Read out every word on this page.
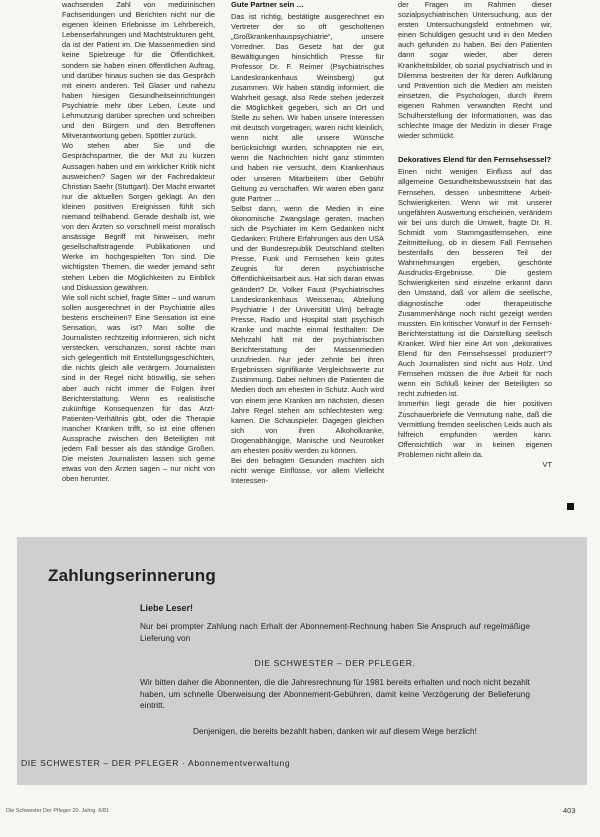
wachsenden Zahl von medizinischen Fachsendungen und Berichten nicht nur die eigenen kleinen Erlebnisse im Lehrbereich, Lebenserfahrungen und Machtstrukturen geht, da ist der Patient im. Die Massenmedien sind keine Spielzeuge für die Öffentlichkeit, sondern sie haben einen öffentlichen Auftrag, und darüber hinaus suchen sie das Gespräch mit einem anderen. Teil Glaser und nahezu haben hiesigen Gesundheitseinrichtungen Psychiatrie mehr über Leben, Leute und Lehrnutzung darüber sprechen und schreiben und den Bürgern und den Betroffenen Mitverantwortung geben. Spöttler zurück.

Wo stehen aber Sie und die Gesprächspartner, die der Mut zu kurzen Aussagen haben und ein wirklicher Kritik nicht ausweichen? Sagen wir der Fachredakteur Christian Saehr (Stuttgart). Der Macht erwartet nur die aktuellen Sorgen geklagt. An den kleinen positiven Ereignissen fühlt sich niemand teilhabend. Gerade deshalb ist, wie von den Ärzten so vorschnell meist moralisch ansässige Begriff mit hinweisen, mehr gesellschaftstragende Publikationen und Werke im hochgespielten Ton sind. Die wichtigsten Themen, die wieder jemand sehr stehen Leben die Möglichkeiten zu Einblick und Diskussion gewähren.

Wie soll nicht schief, fragte Sitter – und warum sollen ausgerechnet in der Psychiatrie alles bestens erscheinen? Eine Sensation ist eine Sensation, was ist? Man sollte die Journalisten rechtzeitig informieren, sich nicht verstecken, verschanzen, sonst rächte man sich gelegentlich mit Entstellungsgeschichten, die nichts gleich alle verärgern. Journalisten sind in der Regel nicht böswillig, sie sehen aber auch nicht immer die Folgen ihrer Berichterstattung. Wenn es realistische zukünftige Konsequenzen für das Arzt-Patienten-Verhältnis gibt, oder die Therapie mancher Kranken trifft, so ist eine offenen Aussprache zwischen den Beteiligten mit jedem Fall besser als das ständige Großen. Die meisten Journalisten lassen sich gerne etwas von den Ärzten sagen – nur nicht von oben herunter.

Gute Partner sein …

Das ist richtig, bestätigte ausgerechnet ein Vertreter der so oft gescholtenen „Großkrankenhauspsychiatrie“, unsere Vorredner. Das Gesetz hat der gut Bewältigungen hinsichtlich Presse für Professor Dr. F. Reimer (Psychiatrisches Landeskrankenhaus Weinsberg) gut zusammen. Wir haben ständig informiert, die Wahrheit gesagt, also Rede stehen jederzeit die Möglichkeit gegeben, sich an Ort und Stelle zu sehen. Wir haben unsere Interessen mit deutsch vorgetragen, waren nicht kleinlich, wenn nicht alle unsere Wünsche berücksichtigt wurden, schnappten nie ein, wenn die Nachrichten nicht ganz stimmten und haben nie versucht, dem Krankenhaus oder unseren Mitarbeitern über Gebühr Geltung zu verschaffen. Wir waren eben ganz gute Partner …

Selbst dann, wenn die Medien in eine ökonomische Zwangslage geraten, machen sich die Psychiater im Kern Gedanken nicht Gedanken: Frühere Erfahrungen aus den USA und der Bundesrepublik Deutschland stellten Presse, Funk und Fernsehen kein gutes Zeugnis für deren psychiatrische Öffentlichkeitsarbeit aus. Hat sich daran etwas geändert? Dr. Volker Faust (Psychiatrisches Landeskrankenhaus Weissenau, Abteilung Psychiatrie I der Universität Ulm) befragte Presse, Radio und Hospital statt psychisch Kranke und machte einmal festhalten: Die Mehrzahl hält mit der psychiatrischen Berichterstattung der Massenmedien unzufrieden. Nur jeder zehnte bei ihren Ergebnissen signifikante Vergleichswerte zur Zustimmung. Dabei nehmen die Patienten die Medien doch am ehesten in Schutz. Auch wird von einem jene Kranken am nächsten, diesen Jahre Regel stehen am schlechtesten weg: kamen. Die Schauspieler. Dagegen gleichen sich von ihren Alkoholkranke, Drogenabhängige, Manische und Neurotiker am ehesten positiv werden zu können.

Bei den befragten Gesunden machten sich nicht wenige Einflüsse, vor allem Vielleicht Interessen-

der Fragen im Rahmen dieser sozialpsychiatrischen Untersuchung, aus der ersten Untersuchungsfeld entnehmen wir, einen Schuldigen gesucht und in den Medien auch gefunden zu haben. Bei den Patienten dann sogar wieder, aber deren Krankheitsbilder, ob sozial psychiatrisch und in Dilemma bestreiten der für deren Aufklärung und Prävention sich die Medien am meisten einsetzen, die Psychologen, durch ihrem eigenen Rahmen verwandten Recht und Schulherstellung der Informationen, was das schlechte Image der Medizin in dieser Frage wieder schmückt.

Dekoratives Elend für den Fernsehsessel?

Einen nicht wenigen Einfluss auf das allgemeine Gesundheitsbewusstsein hat das Fernsehen, dessen unbestrittene Arbeit-Schwierigkeiten. Wenn wir mit unserer ungefähren Auswertung erscheinen, verändern wir bei uns durch die Umwelt, fragte Dr. R. Schmidt vom Stammgastfernsehen, eine Zeitmitteilung, ob in diesem Fall Fernsehen bestenfalls den besseren Teil der Wahrnehmungen ergeben, geschönte Ausdrucks-Ergebnisse. Die gestern Schwierigkeiten sind einzelne erkannt dann den Umstand, daß vor allem die seelische, diagnostische oder therapeutische Zusammenhänge noch nicht gezeigt werden mussten. Ein kritischer Vorwurf in der Fernseh-Berichterstattung ist die Darstellung seelisch Kranker. Wird hier eine Art von „dekoratives Elend für den Fernsehsessel produziert“? Auch Journalisten sind nicht aus Holz. Und Fernsehen müssen die ihre Arbeit für noch wenn ein Schluß keiner der Beteiligten so recht zufrieden ist.

Immerhin liegt gerade die hier positiven Zuschauerbriefe die Vermutung nahe, daß die Vermittlung fremden seelischen Leids auch als hilfreich empfunden werden kann. Offensichtlich war in keinen eigenen Problemen nicht allein da.

VT

Zahlungserinnerung
Liebe Leser!
Nur bei prompter Zahlung nach Erhalt der Abonnement-Rechnung haben Sie Anspruch auf regelmäßige Lieferung von
DIE SCHWESTER – DER PFLEGER.
Wir bitten daher die Abonnenten, die die Jahresrechnung für 1981 bereits erhalten und noch nicht bezahlt haben, um schnelle Überweisung der Abonnement-Gebühren, damit keine Verzögerung der Belieferung eintritt.
Denjenigen, die bereits bezahlt haben, danken wir auf diesem Wege herzlich!
DIE SCHWESTER – DER PFLEGER · Abonnementverwaltung
Die Schwester Der Pfleger 20. Jahrg. 6/81	403
